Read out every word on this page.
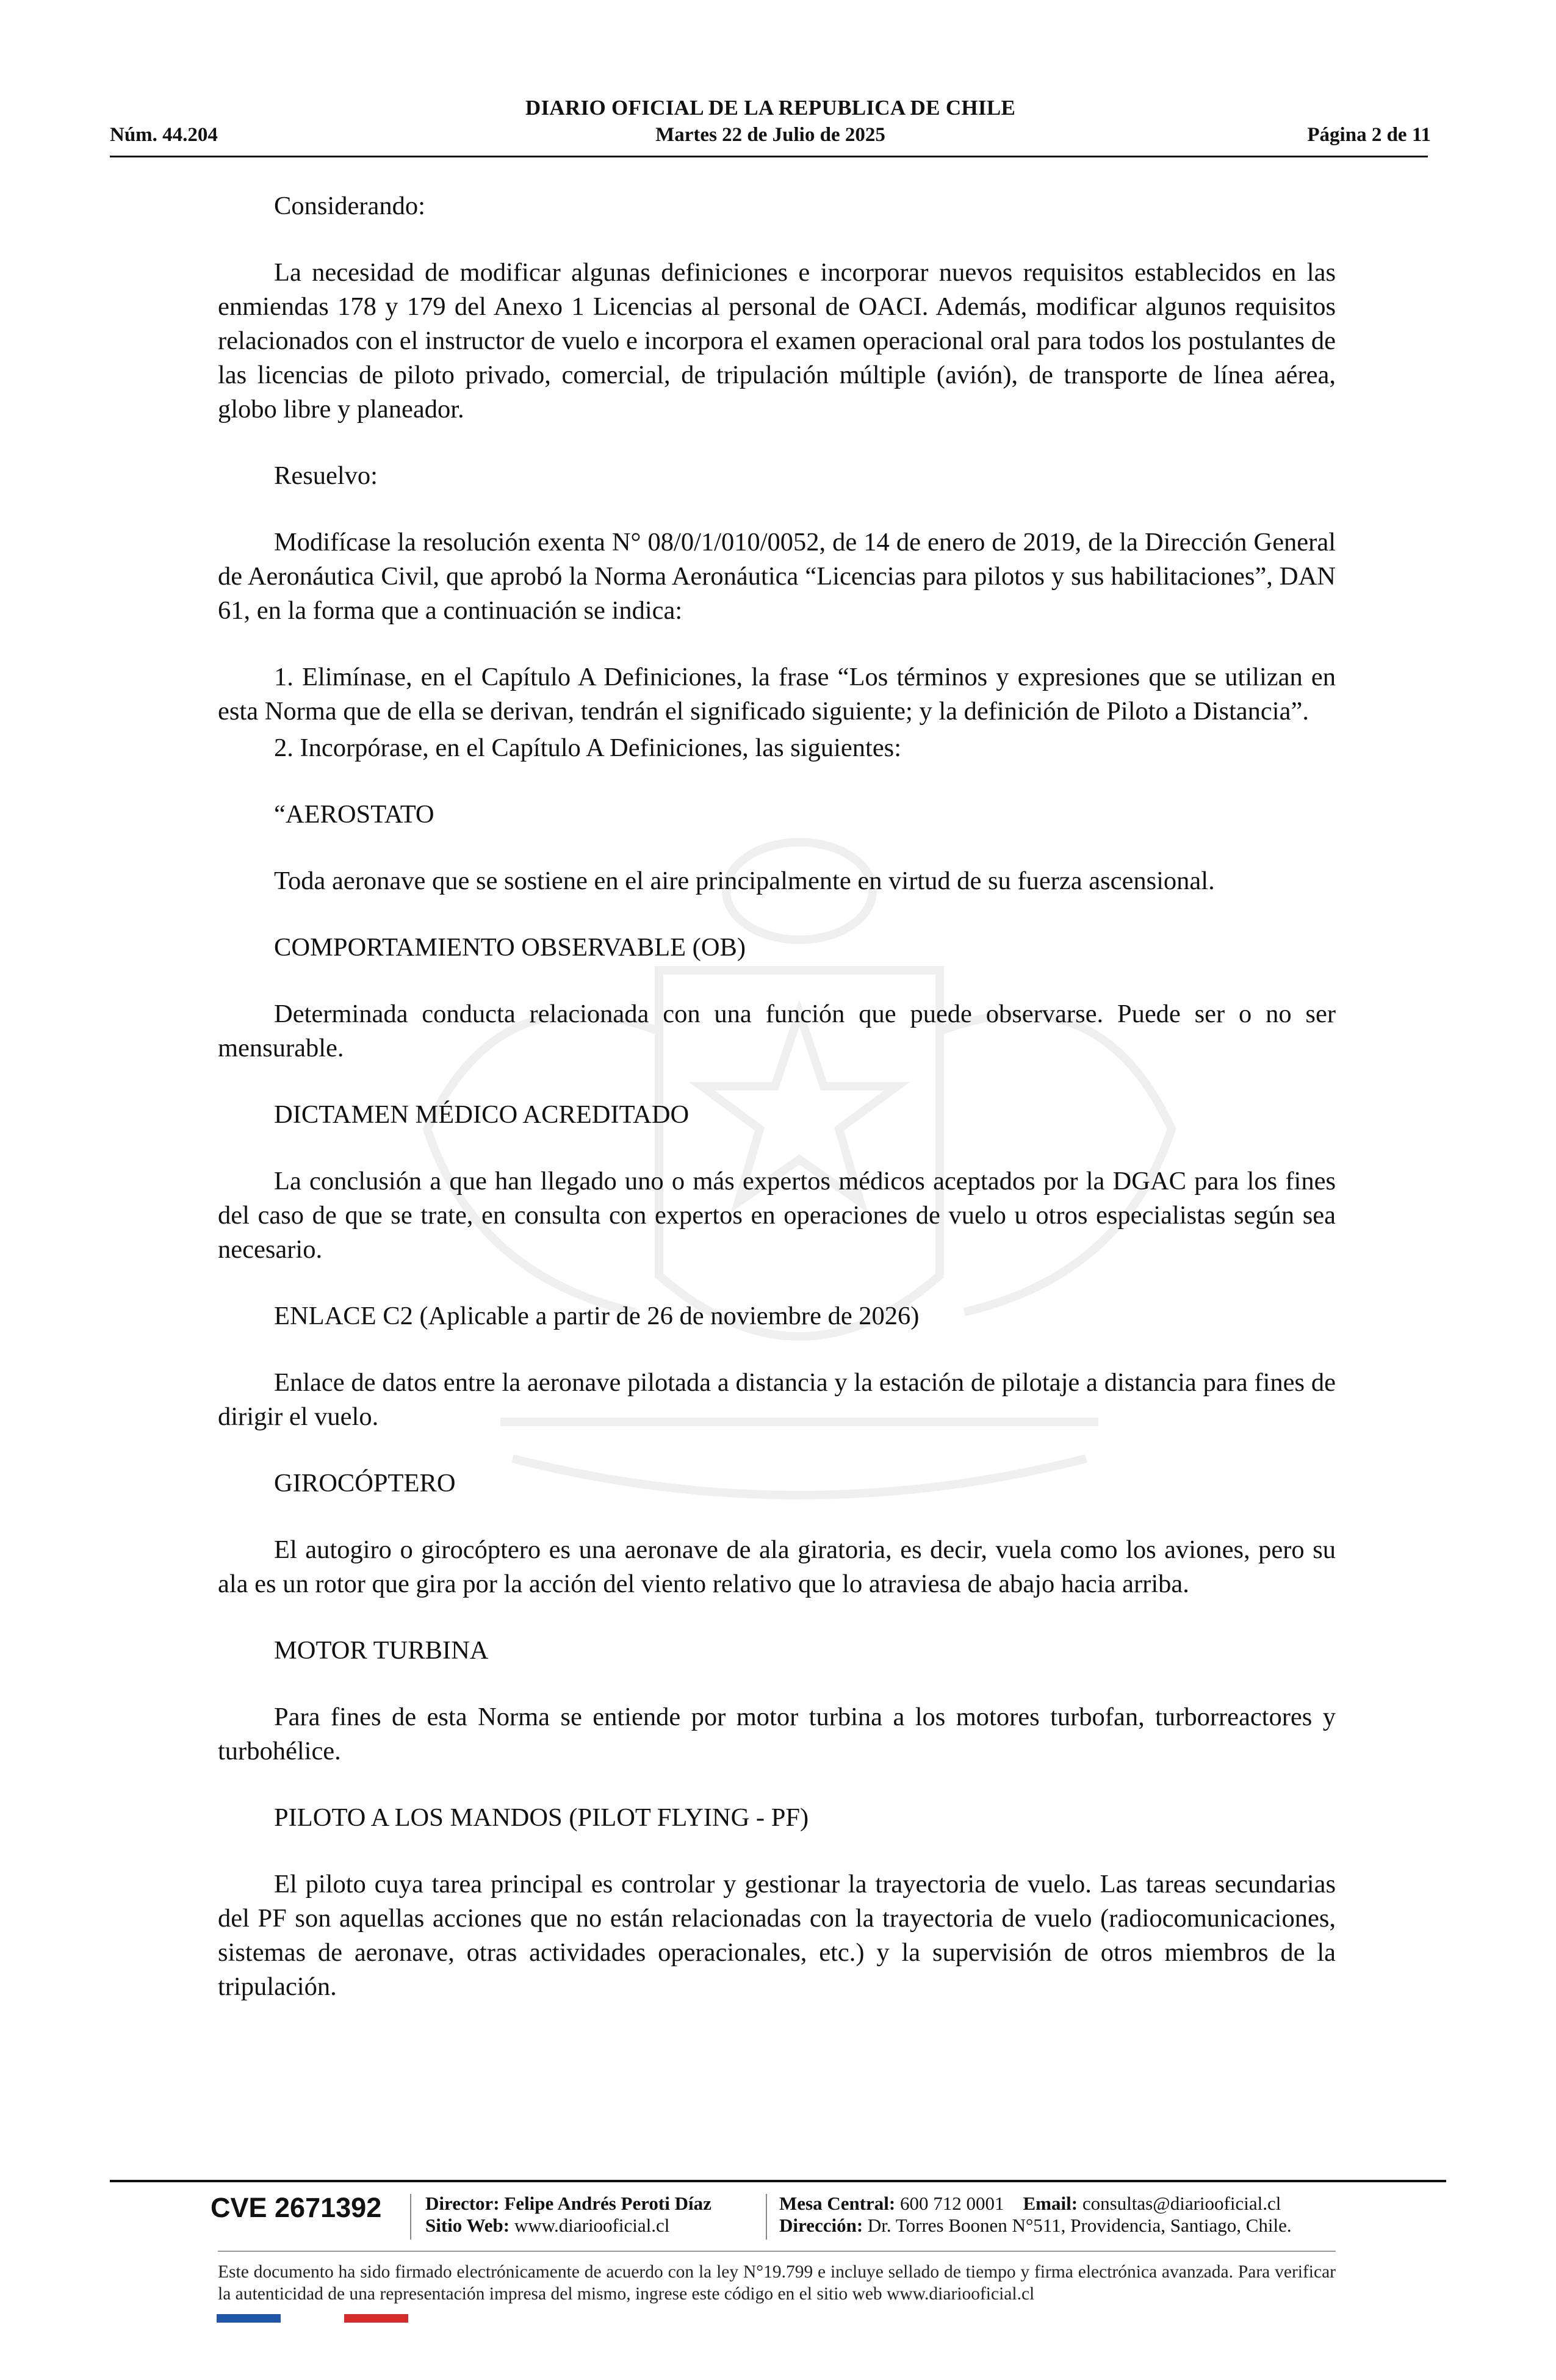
DIARIO OFICIAL DE LA REPUBLICA DE CHILE
Núm. 44.204	Martes 22 de Julio de 2025	Página 2 de 11

Considerando:

La necesidad de modificar algunas definiciones e incorporar nuevos requisitos establecidos en las enmiendas 178 y 179 del Anexo 1 Licencias al personal de OACI. Además, modificar algunos requisitos relacionados con el instructor de vuelo e incorpora el examen operacional oral para todos los postulantes de las licencias de piloto privado, comercial, de tripulación múltiple (avión), de transporte de línea aérea, globo libre y planeador.

Resuelvo:

Modifícase la resolución exenta N° 08/0/1/010/0052, de 14 de enero de 2019, de la Dirección General de Aeronáutica Civil, que aprobó la Norma Aeronáutica “Licencias para pilotos y sus habilitaciones”, DAN 61, en la forma que a continuación se indica:

1. Elimínase, en el Capítulo A Definiciones, la frase “Los términos y expresiones que se utilizan en esta Norma que de ella se derivan, tendrán el significado siguiente; y la definición de Piloto a Distancia”.

2. Incorpórase, en el Capítulo A Definiciones, las siguientes:

“AEROSTATO

Toda aeronave que se sostiene en el aire principalmente en virtud de su fuerza ascensional.

COMPORTAMIENTO OBSERVABLE (OB)

Determinada conducta relacionada con una función que puede observarse. Puede ser o no ser mensurable.

DICTAMEN MÉDICO ACREDITADO

La conclusión a que han llegado uno o más expertos médicos aceptados por la DGAC para los fines del caso de que se trate, en consulta con expertos en operaciones de vuelo u otros especialistas según sea necesario.

ENLACE C2 (Aplicable a partir de 26 de noviembre de 2026)

Enlace de datos entre la aeronave pilotada a distancia y la estación de pilotaje a distancia para fines de dirigir el vuelo.

GIROCÓPTERO

El autogiro o girocóptero es una aeronave de ala giratoria, es decir, vuela como los aviones, pero su ala es un rotor que gira por la acción del viento relativo que lo atraviesa de abajo hacia arriba.

MOTOR TURBINA

Para fines de esta Norma se entiende por motor turbina a los motores turbofan, turborreactores y turbohélice.

PILOTO A LOS MANDOS (PILOT FLYING - PF)

El piloto cuya tarea principal es controlar y gestionar la trayectoria de vuelo. Las tareas secundarias del PF son aquellas acciones que no están relacionadas con la trayectoria de vuelo (radiocomunicaciones, sistemas de aeronave, otras actividades operacionales, etc.) y la supervisión de otros miembros de la tripulación.

CVE 2671392 Director: Felipe Andrés Peroti Díaz
Sitio Web: www.diariooficial.cl
Mesa Central: 600 712 0001 Email: consultas@diariooficial.cl
Dirección: Dr. Torres Boonen N°511, Providencia, Santiago, Chile.
Este documento ha sido firmado electrónicamente de acuerdo con la ley N°19.799 e incluye sellado de tiempo y firma electrónica avanzada. Para verificar la autenticidad de una representación impresa del mismo, ingrese este código en el sitio web www.diariooficial.cl
